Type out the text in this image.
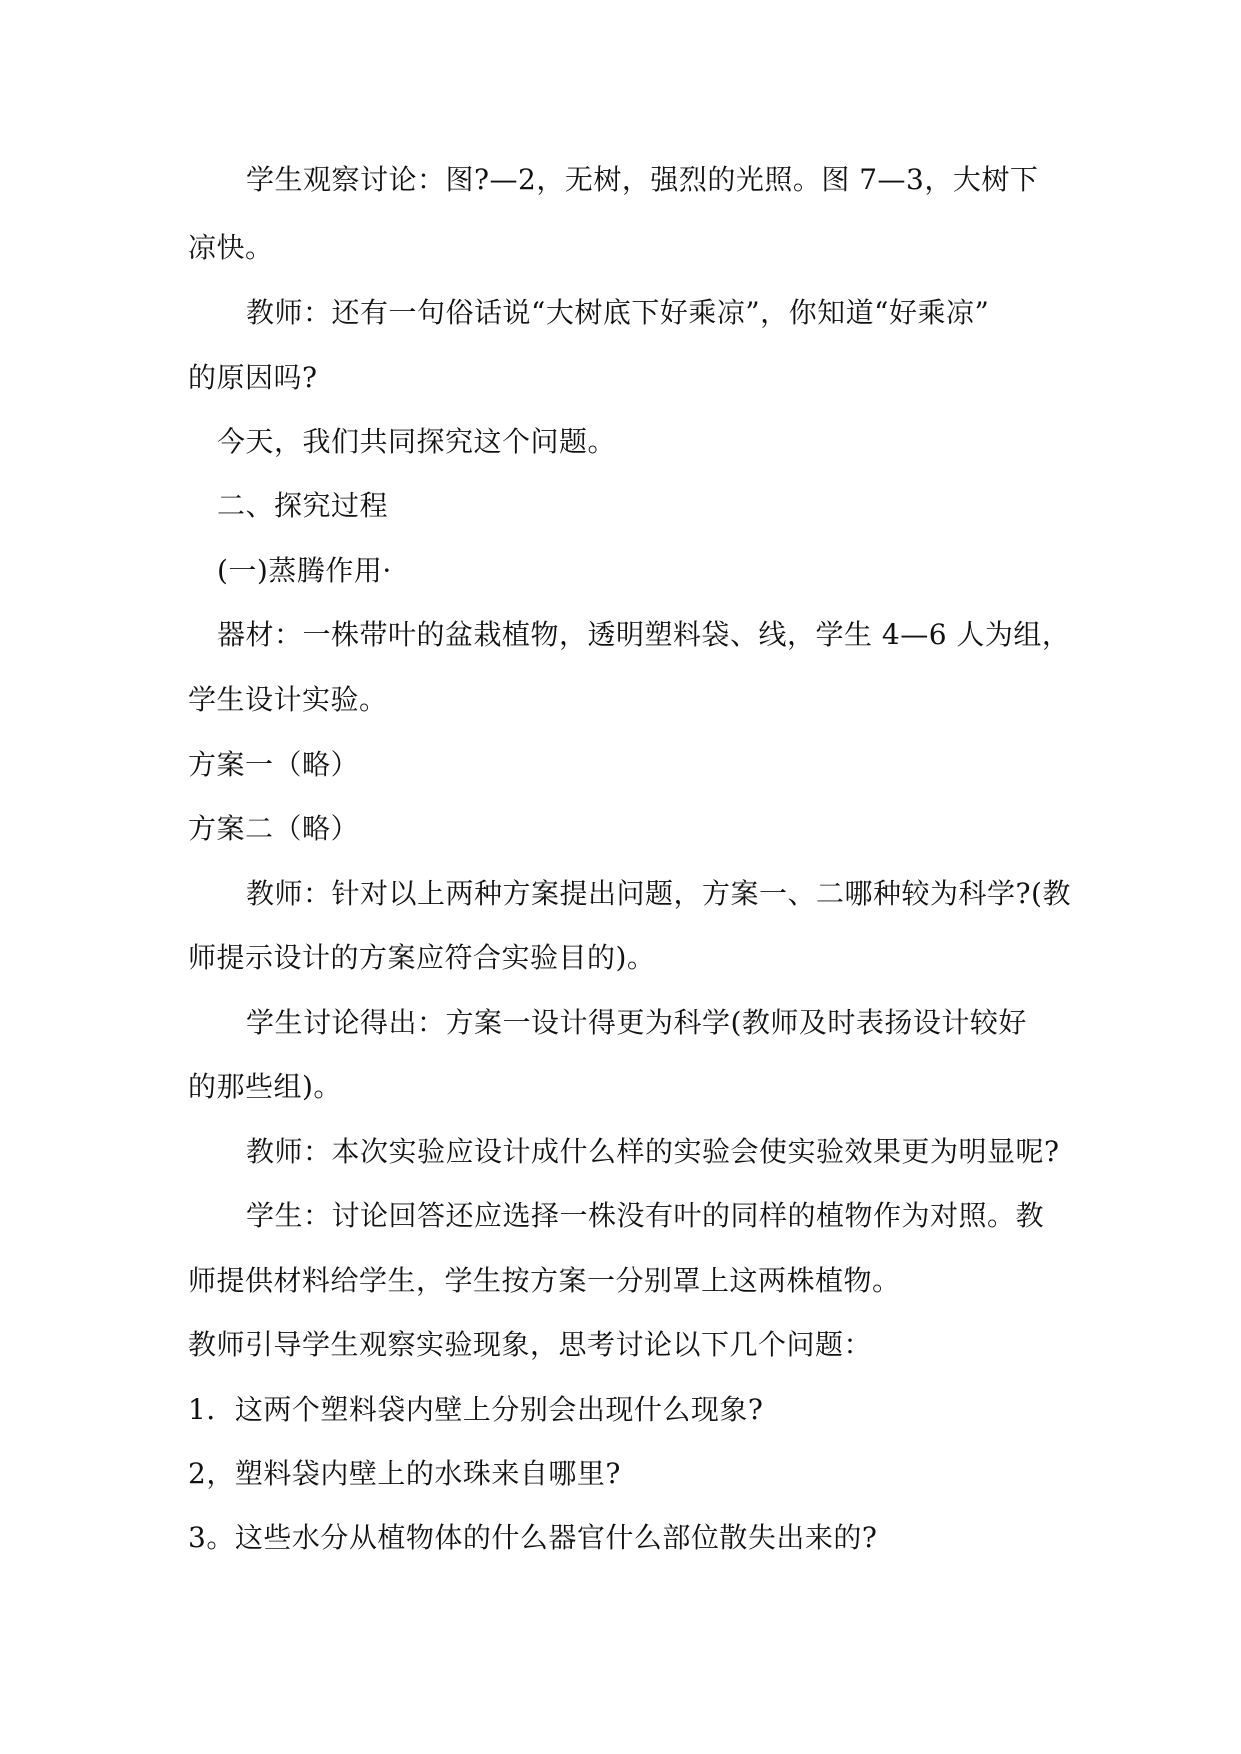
学生观察讨论：图?—2，无树，强烈的光照。图 7—3，大树下
凉快。
教师：还有一句俗话说“大树底下好乘凉”，你知道“好乘凉”
的原因吗?
今天，我们共同探究这个问题。
二、探究过程
(一)蒸腾作用·
器材：一株带叶的盆栽植物，透明塑料袋、线，学生 4—6 人为组，
学生设计实验。
方案一（略）
方案二（略）
教师：针对以上两种方案提出问题，方案一、二哪种较为科学?(教
师提示设计的方案应符合实验目的)。
学生讨论得出：方案一设计得更为科学(教师及时表扬设计较好
的那些组)。
教师：本次实验应设计成什么样的实验会使实验效果更为明显呢?
学生：讨论回答还应选择一株没有叶的同样的植物作为对照。教
师提供材料给学生，学生按方案一分别罩上这两株植物。
教师引导学生观察实验现象，思考讨论以下几个问题：
1．这两个塑料袋内壁上分别会出现什么现象?
2，塑料袋内壁上的水珠来自哪里?
3。这些水分从植物体的什么器官什么部位散失出来的?
